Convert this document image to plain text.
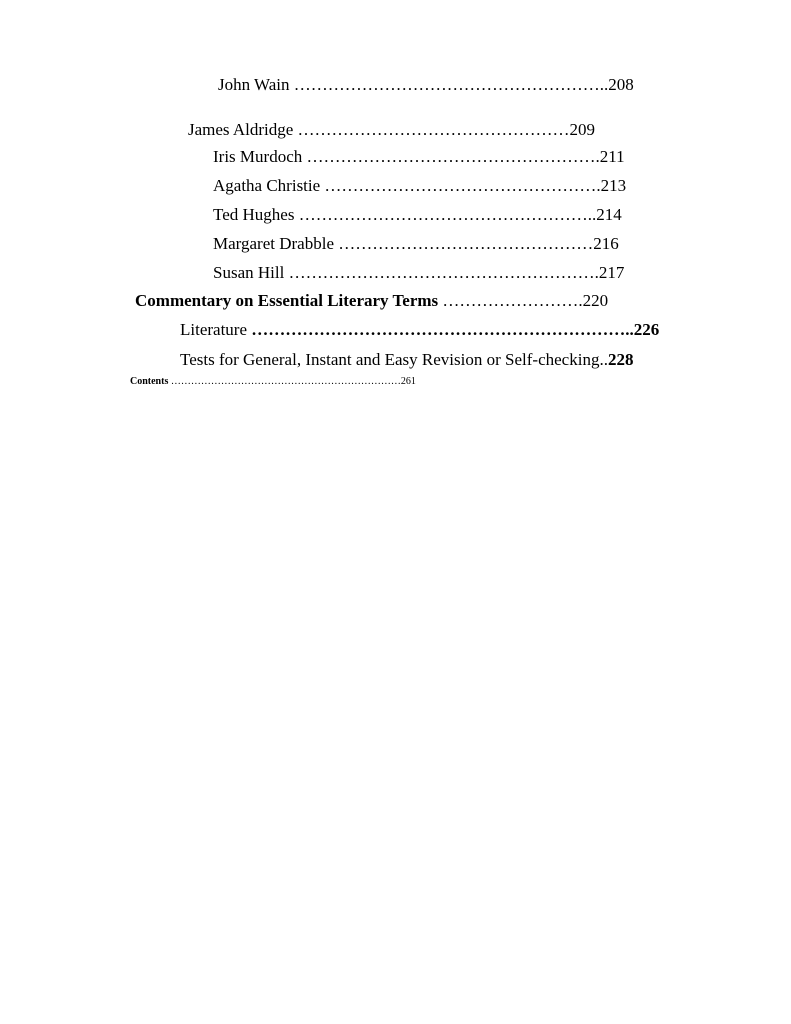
John Wain ………………………………………………..208
James Aldridge …………………………………………209
Iris Murdoch …………………………………………….211
Agatha Christie ………………………………………….213
Ted Hughes ……………………………………………..214
Margaret Drabble ………………………………………216
Susan Hill ……………………………………………….217
Commentary on Essential Literary Terms …………………….220
Literature …………………………………………………………..226
Tests for General, Instant and Easy Revision or Self-checking..228
Contents ……………………………………………………………261
